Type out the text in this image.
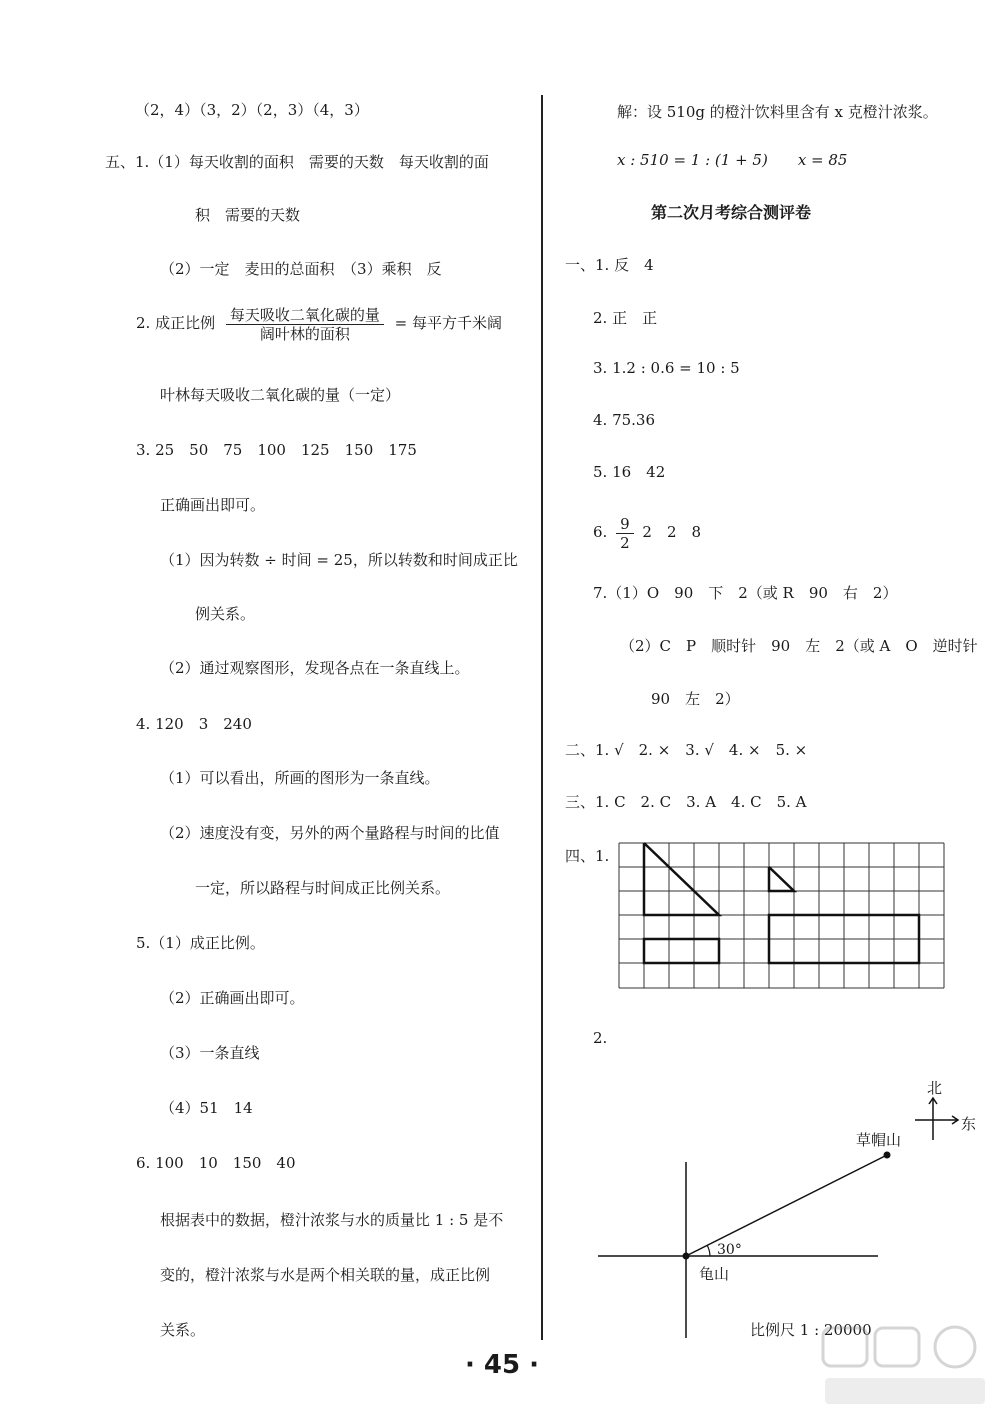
（2，4）（3，2）（2，3）（4，3）
五、1.（1）每天收割的面积　需要的天数　每天收割的面
积　需要的天数
（2）一定　麦田的总面积　（3）乘积　反
2. 成正比例 $\frac{\text{每天吸收二氧化碳的量}}{\text{阔叶林的面积}}$ = 每平方千米阔
叶林每天吸收二氧化碳的量（一定）
3. 25　50　75　100　125　150　175
正确画出即可。
（1）因为转数 ÷ 时间 = 25，所以转数和时间成正比
例关系。
（2）通过观察图形，发现各点在一条直线上。
4. 120　3　240
（1）可以看出，所画的图形为一条直线。
（2）速度没有变，另外的两个量路程与时间的比值
一定，所以路程与时间成正比例关系。
5.（1）成正比例。
（2）正确画出即可。
（3）一条直线
（4）51　14
6. 100　10　150　40
根据表中的数据，橙汁浓浆与水的质量比 1 : 5 是不
变的，橙汁浓浆与水是两个相关联的量，成正比例
关系。
解：设 510g 的橙汁饮料里含有 x 克橙汁浓浆。
x : 510 = 1 : (1 + 5)　　x = 85
第二次月考综合测评卷
一、1. 反　4
2. 正　正
3. 1.2 : 0.6 = 10 : 5
4. 75.36
5. 16　42
6. $\frac{9}{2} 2$　2　8
7.（1）O　90　下　2（或 R　90　右　2）
（2）C　P　顺时针　90　左　2（或 A　O　逆时针
90　左　2）
二、1. √　2. ×　3. √　4. ×　5. ×
三、1. C　2. C　3. A　4. C　5. A
四、1.
2.
北
东
草帽山
30°
龟山
比例尺 1 : 20000
· 45 ·
